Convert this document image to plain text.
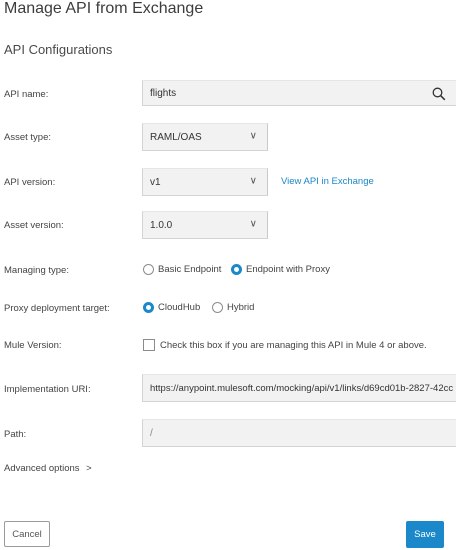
Manage API from Exchange
API Configurations
API name:	flights
Asset type:	RAML/OAS	∨
API version:	v1	∨	View API in Exchange
Asset version:	1.0.0	∨
Managing type:	Basic Endpoint	Endpoint with Proxy
Proxy deployment target:	CloudHub	Hybrid
Mule Version:	Check this box if you are managing this API in Mule 4 or above.
Implementation URI:	https://anypoint.mulesoft.com/mocking/api/v1/links/d69cd01b-2827-42cc
Path:	/
Advanced options >
Cancel	Save
